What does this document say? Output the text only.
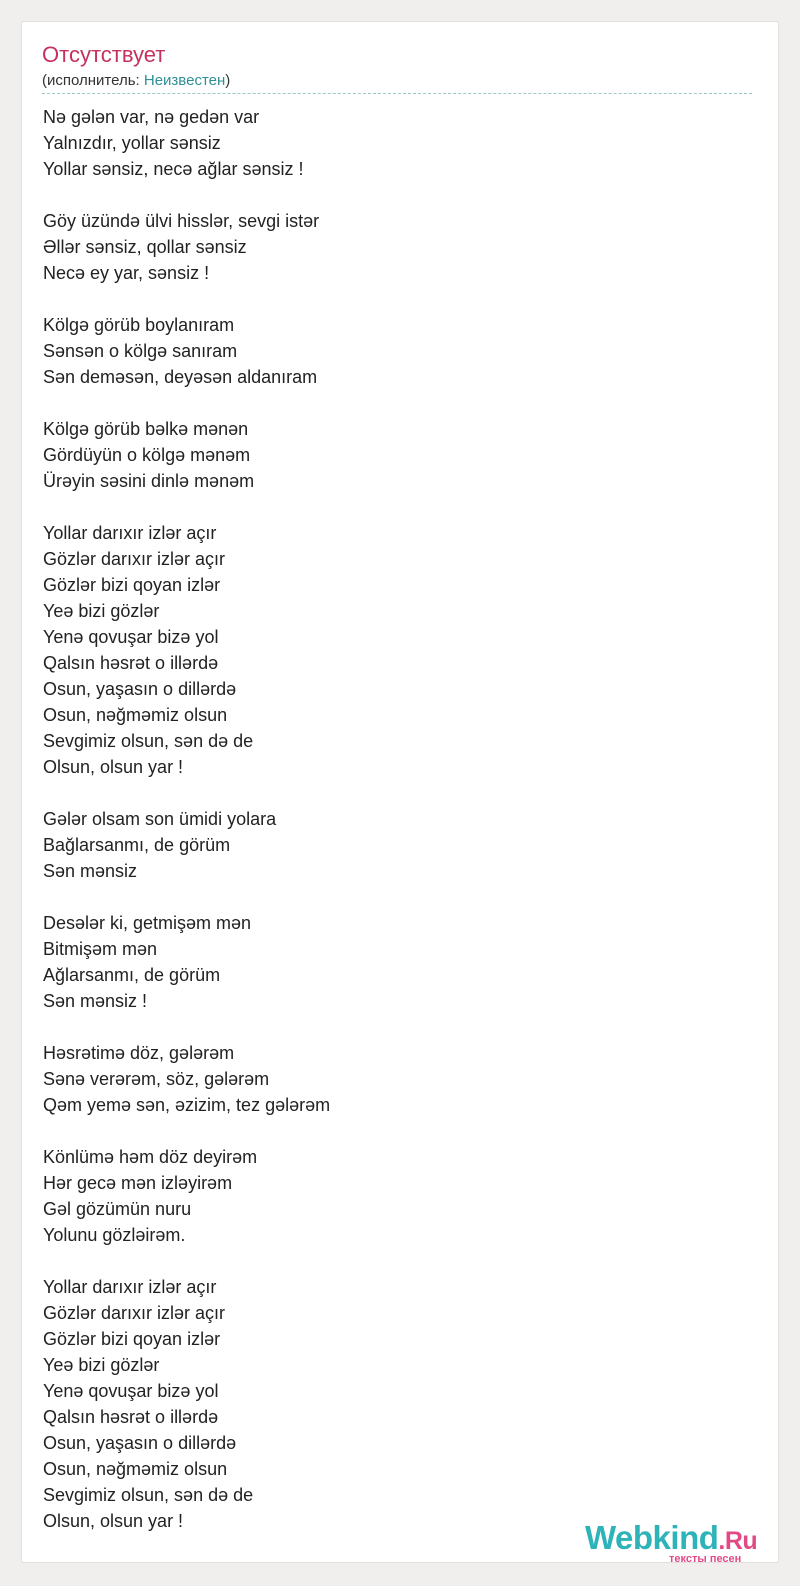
Отсутствует
(исполнитель: Неизвестен)
Nə gələn var, nə gedən var
Yalnızdır, yollar sənsiz
Yollar sənsiz, necə ağlar sənsiz !
Göy üzündə ülvi hisslər, sevgi istər
Əllər sənsiz, qollar sənsiz
Necə ey yar, sənsiz !
Kölgə görüb boylanıram
Sənsən o kölgə sanıram
Sən deməsən, deyəsən aldanıram
Kölgə görüb bəlkə mənən
Gördüyün o kölgə mənəm
Ürəyin səsini dinlə mənəm
Yollar darıxır izlər açır
Gözlər darıxır izlər açır
Gözlər bizi qoyan izlər
Yeə bizi gözlər
Yenə qovuşar bizə yol
Qalsın həsrət o illərdə
Osun, yaşasın o dillərdə
Osun, nəğməmiz olsun
Sevgimiz olsun, sən də de
Olsun, olsun yar !
Gələr olsam son ümidi yolara
Bağlarsanmı, de görüm
Sən mənsiz
Desələr ki, getmişəm mən
Bitmişəm mən
Ağlarsanmı, de görüm
Sən mənsiz !
Həsrətimə döz, gələrəm
Sənə verərəm, söz, gələrəm
Qəm yemə sən, əzizim, tez gələrəm
Könlümə həm döz deyirəm
Hər gecə mən izləyirəm
Gəl gözümün nuru
Yolunu gözləirəm.
Yollar darıxır izlər açır
Gözlər darıxır izlər açır
Gözlər bizi qoyan izlər
Yeə bizi gözlər
Yenə qovuşar bizə yol
Qalsın həsrət o illərdə
Osun, yaşasın o dillərdə
Osun, nəğməmiz olsun
Sevgimiz olsun, sən də de
Olsun, olsun yar !	Webkind.Ru
тексты песен
